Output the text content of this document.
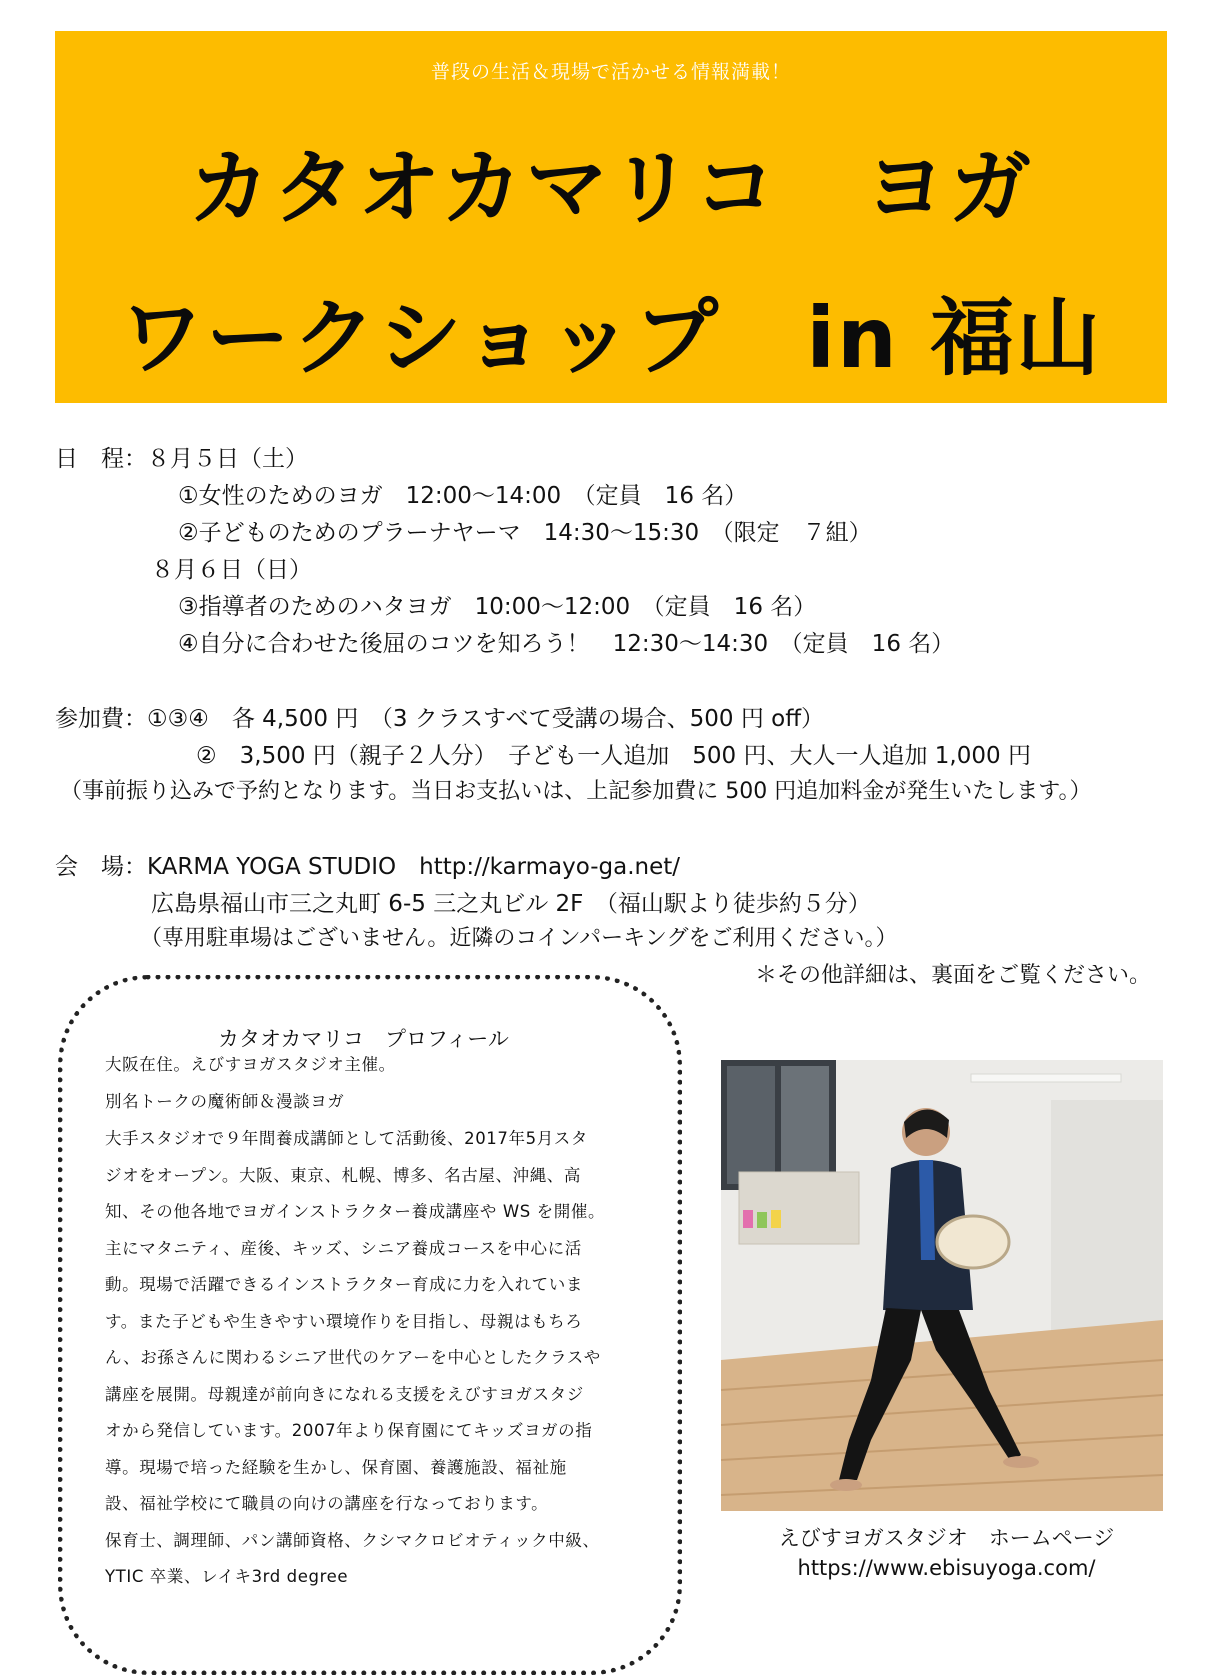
普段の生活＆現場で活かせる情報満載！
カタオカマリコ　ヨガ
ワークショップ　in 福山
日　程：８月５日（土）
①女性のためのヨガ　12:00～14:00　（定員　16 名）
②子どものためのプラーナヤーマ　14:30～15:30　（限定　７組）
８月６日（日）
③指導者のためのハタヨガ　10:00～12:00　（定員　16 名）
④自分に合わせた後屈のコツを知ろう！　12:30～14:30　（定員　16 名）
参加費：①③④　各 4,500 円　（3 クラスすべて受講の場合、500 円 off）
②　3,500 円（親子２人分）　子ども一人追加　500 円、大人一人追加 1,000 円
（事前振り込みで予約となります。当日お支払いは、上記参加費に 500 円追加料金が発生いたします。）
会　場：KARMA YOGA STUDIO　http://karmayo-ga.net/
広島県福山市三之丸町 6-5 三之丸ビル 2F　（福山駅より徒歩約５分）
（専用駐車場はございません。近隣のコインパーキングをご利用ください。）
＊その他詳細は、裏面をご覧ください。
カタオカマリコ　プロフィール
大阪在住。えびすヨガスタジオ主催。
別名トークの魔術師＆漫談ヨガ
大手スタジオで９年間養成講師として活動後、2017年5月スタ
ジオをオープン。大阪、東京、札幌、博多、名古屋、沖縄、高
知、その他各地でヨガインストラクター養成講座や WS を開催。
主にマタニティ、産後、キッズ、シニア養成コースを中心に活
動。現場で活躍できるインストラクター育成に力を入れていま
す。また子どもや生きやすい環境作りを目指し、母親はもちろ
ん、お孫さんに関わるシニア世代のケアーを中心としたクラスや
講座を展開。母親達が前向きになれる支援をえびすヨガスタジ
オから発信しています。2007年より保育園にてキッズヨガの指
導。現場で培った経験を生かし、保育園、養護施設、福祉施
設、福祉学校にて職員の向けの講座を行なっております。
保育士、調理師、パン講師資格、クシマクロビオティック中級、
YTIC 卒業、レイキ3rd degree
えびすヨガスタジオ　ホームページ
https://www.ebisuyoga.com/
